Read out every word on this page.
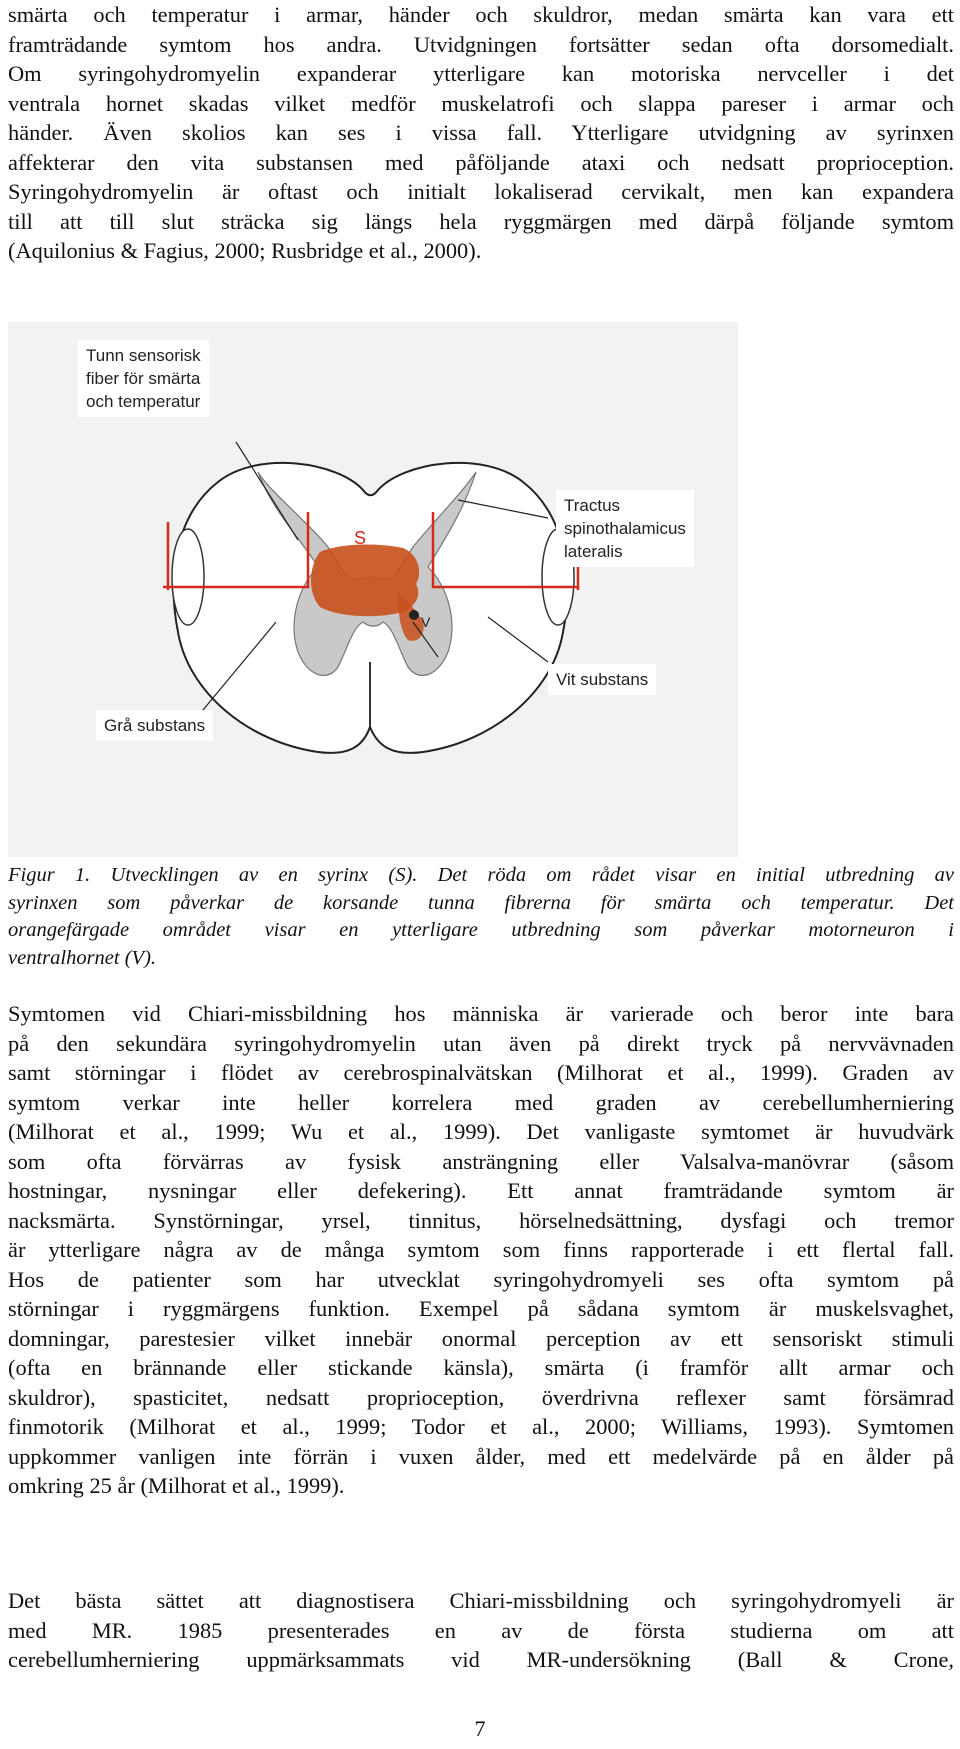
smärta och temperatur i armar, händer och skuldror, medan smärta kan vara ett
framträdande symtom hos andra. Utvidgningen fortsätter sedan ofta dorsomedialt.
Om syringohydromyelin expanderar ytterligare kan motoriska nervceller i det
ventrala hornet skadas vilket medför muskelatrofi och slappa pareser i armar och
händer. Även skolios kan ses i vissa fall. Ytterligare utvidgning av syrinxen
affekterar den vita substansen med påföljande ataxi och nedsatt proprioception.
Syringohydromyelin är oftast och initialt lokaliserad cervikalt, men kan expandera
till att till slut sträcka sig längs hela ryggmärgen med därpå följande symtom
(Aquilonius & Fagius, 2000; Rusbridge et al., 2000).

S
V
Tunn sensorisk
fiber för smärta
och temperatur
Tractus
spinothalamicus
lateralis
Vit substans
Grå substans

Figur 1. Utvecklingen av en syrinx (S). Det röda om rådet visar en initial utbredning av
syrinxen som påverkar de korsande tunna fibrerna för smärta och temperatur. Det
orangefärgade området visar en ytterligare utbredning som påverkar motorneuron i
ventralhornet (V).

Symtomen vid Chiari-missbildning hos människa är varierade och beror inte bara
på den sekundära syringohydromyelin utan även på direkt tryck på nervvävnaden
samt störningar i flödet av cerebrospinalvätskan (Milhorat et al., 1999). Graden av
symtom verkar inte heller korrelera med graden av cerebellumherniering
(Milhorat et al., 1999; Wu et al., 1999). Det vanligaste symtomet är huvudvärk
som ofta förvärras av fysisk ansträngning eller Valsalva-manövrar (såsom
hostningar, nysningar eller defekering). Ett annat framträdande symtom är
nacksmärta. Synstörningar, yrsel, tinnitus, hörselnedsättning, dysfagi och tremor
är ytterligare några av de många symtom som finns rapporterade i ett flertal fall.
Hos de patienter som har utvecklat syringohydromyeli ses ofta symtom på
störningar i ryggmärgens funktion. Exempel på sådana symtom är muskelsvaghet,
domningar, parestesier vilket innebär onormal perception av ett sensoriskt stimuli
(ofta en brännande eller stickande känsla), smärta (i framför allt armar och
skuldror), spasticitet, nedsatt proprioception, överdrivna reflexer samt försämrad
finmotorik (Milhorat et al., 1999; Todor et al., 2000; Williams, 1993). Symtomen
uppkommer vanligen inte förrän i vuxen ålder, med ett medelvärde på en ålder på
omkring 25 år (Milhorat et al., 1999).

Det bästa sättet att diagnostisera Chiari-missbildning och syringohydromyeli är
med MR. 1985 presenterades en av de första studierna om att
cerebellumherniering uppmärksammats vid MR-undersökning (Ball & Crone,

7
